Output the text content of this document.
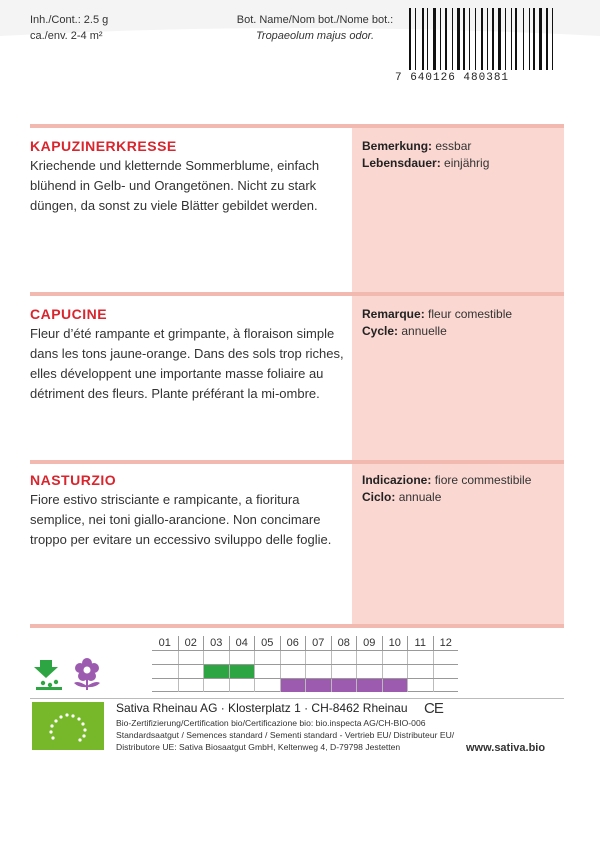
Inh./Cont.: 2.5 g
ca./env. 2-4 m²
Bot. Name/Nom bot./Nome bot.:
Tropaeolum majus odor.
7 640126 480381
KAPUZINERKRESSE

Kriechende und kletternde Sommerblume, einfach blühend in Gelb- und Orangetönen. Nicht zu stark düngen, da sonst zu viele Blätter gebildet werden.

Bemerkung: essbar
Lebensdauer: einjährig
CAPUCINE

Fleur d’été rampante et grimpante, à floraison simple dans les tons jaune-orange. Dans des sols trop riches, elles développent une importante masse foliaire au détriment des fleurs. Plante préférant la mi-ombre.

Remarque: fleur comestible
Cycle: annuelle
NASTURZIO

Fiore estivo strisciante e rampicante, a fioritura semplice, nei toni giallo-arancione. Non concimare troppo per evitare un eccessivo sviluppo delle foglie.

Indicazione: fiore commestibile
Ciclo: annuale
01	02	03	04	05	06	07	08	09	10	11	12
Sativa Rheinau AG · Klosterplatz 1 · CH-8462 Rheinau CE
Bio-Zertifizierung/Certification bio/Certificazione bio: bio.inspecta AG/CH-BIO-006
Standardsaatgut / Semences standard / Sementi standard - Vertrieb EU/ Distributeur EU/ Distributore UE: Sativa Biosaatgut GmbH, Keltenweg 4, D-79798 Jestetten	www.sativa.bio
